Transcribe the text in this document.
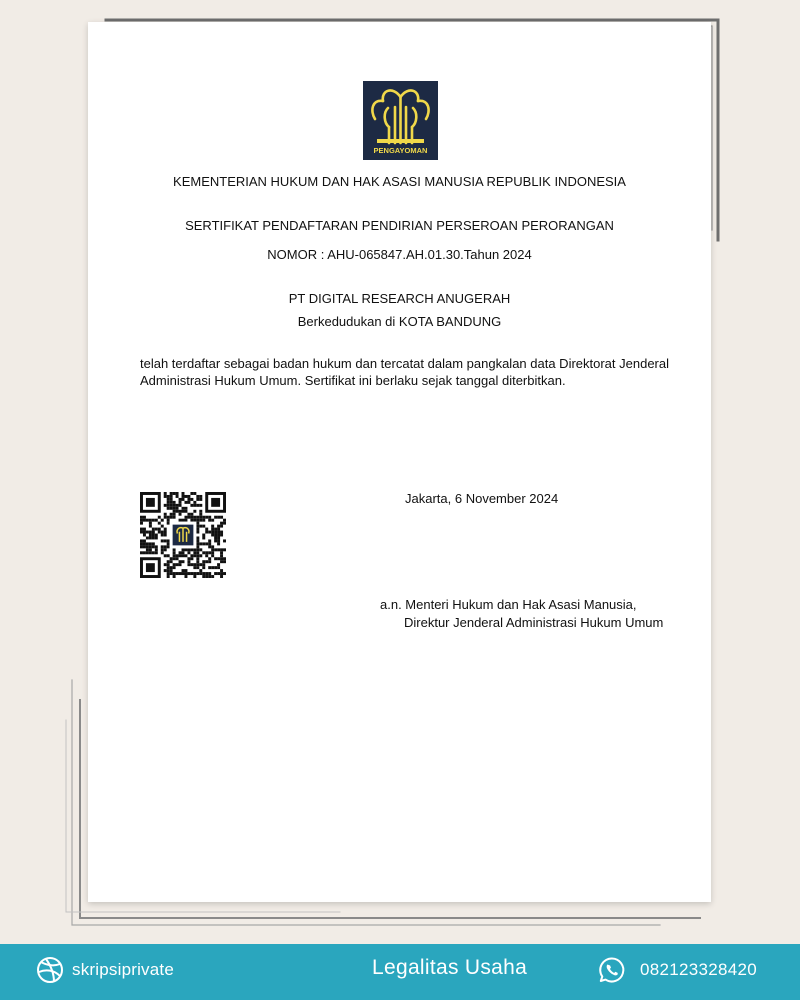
PENGAYOMAN
KEMENTERIAN HUKUM DAN HAK ASASI MANUSIA REPUBLIK INDONESIA
SERTIFIKAT PENDAFTARAN PENDIRIAN PERSEROAN PERORANGAN
NOMOR : AHU-065847.AH.01.30.Tahun 2024
PT DIGITAL RESEARCH ANUGERAH
Berkedudukan di KOTA BANDUNG
telah terdaftar sebagai badan hukum dan tercatat dalam pangkalan data Direktorat Jenderal Administrasi Hukum Umum. Sertifikat ini berlaku sejak tanggal diterbitkan.
Jakarta, 6 November 2024
a.n. Menteri Hukum dan Hak Asasi Manusia,
Direktur Jenderal Administrasi Hukum Umum
skripsiprivate	Legalitas Usaha	082123328420
